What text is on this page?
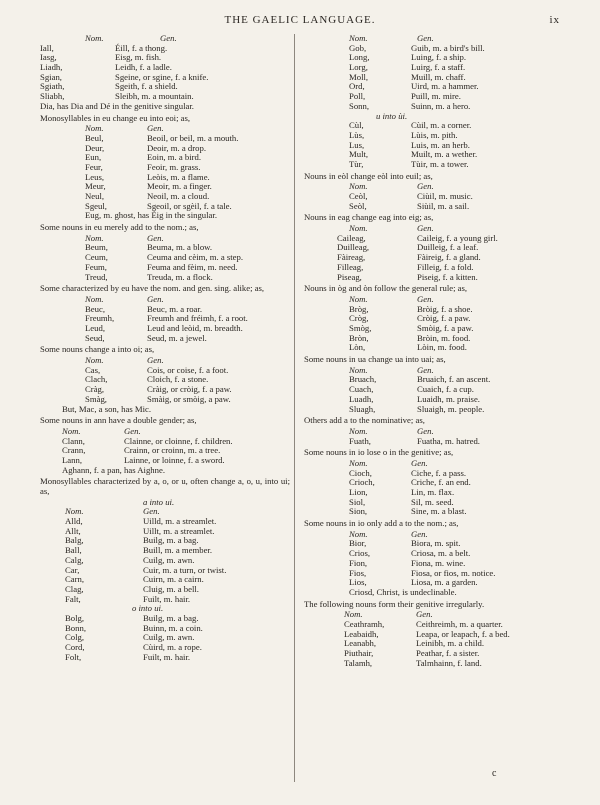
THE GAELIC LANGUAGE.	ix
Nom.	Gen.
Iall,	Éill, f. a thong.
Iasg,	Eisg, m. fish.
Liadh,	Leidh, f. a ladle.
Sgian,	Sgeine, or sgine, f. a knife.
Sgiath,	Sgeith, f. a shield.
Sliabh,	Sleibh, m. a mountain.
Dia, has Dia and Dé in the genitive singular.
Monosyllables in eu change eu into eoi; as,
Nom.	Gen.
Beul,	Beoil, or beil, m. a mouth.
Deur,	Deoir, m. a drop.
Eun,	Eoin, m. a bird.
Feur,	Feoir, m. grass.
Leus,	Leòis, m. a flame.
Meur,	Meoir, m. a finger.
Neul,	Neoil, m. a cloud.
Sgeul,	Sgeoil, or sgèil, f. a tale.
Eug, m. ghost, has Èig in the singular.
Some nouns in eu merely add to the nom.; as,
Nom.	Gen.
Beum,	Beuma, m. a blow.
Ceum,	Ceuma and cèim, m. a step.
Feum,	Feuma and fèim, m. need.
Treud,	Treuda, m. a flock.
Some characterized by eu have the nom. and gen. sing. alike; as,
Nom.	Gen.
Beuc,	Beuc, m. a roar.
Freumh,	Freumh and fréimh, f. a root.
Leud,	Leud and leòid, m. breadth.
Seud,	Seud, m. a jewel.
Some nouns change a into oi; as,
Nom.	Gen.
Cas,	Cois, or coise, f. a foot.
Clach,	Cloich, f. a stone.
Cràg,	Cràig, or cròig, f. a paw.
Smàg,	Smàig, or smòig, a paw.
But, Mac, a son, has Mic.
Some nouns in ann have a double gender; as,
Nom.	Gen.
Clann,	Clainne, or cloinne, f. children.
Crann,	Crainn, or croinn, m. a tree.
Lann,	Lainne, or loinne, f. a sword.
Aghann, f. a pan, has Aighne.
Monosyllables characterized by a, o, or u, often change a, o, u, into ui; as,
a into ui.
Nom.	Gen.
Alld,	Uilld, m. a streamlet.
Allt,	Uillt, m. a streamlet.
Balg,	Builg, m. a bag.
Ball,	Buill, m. a member.
Calg,	Cuilg, m. awn.
Car,	Cuir, m. a turn, or twist.
Carn,	Cuirn, m. a cairn.
Clag,	Cluig, m. a bell.
Falt,	Fuilt, m. hair.
o into ui.
Bolg,	Builg, m. a bag.
Bonn,	Buinn, m. a coin.
Colg,	Cuilg, m. awn.
Cord,	Cùird, m. a rope.
Folt,	Fuilt, m. hair.
Nom.	Gen.
Gob,	Guib, m. a bird's bill.
Long,	Luing, f. a ship.
Lorg,	Luirg, f. a staff.
Moll,	Muill, m. chaff.
Ord,	Uird, m. a hammer.
Poll,	Puill, m. mire.
Sonn,	Suinn, m. a hero.
u into ùi.
Cùl,	Cùil, m. a corner.
Lùs,	Lùis, m. pith.
Lus,	Luis, m. an herb.
Mult,	Muilt, m. a wether.
Tùr,	Tùir, m. a tower.
Nouns in eòl change eòl into euil; as,
Nom.	Gen.
Ceòl,	Ciùil, m. music.
Seòl,	Siùil, m. a sail.
Nouns in eag change eag into eig; as,
Nom.	Gen.
Caileag,	Caileig, f. a young girl.
Duilleag,	Duilleig, f. a leaf.
Fàireag,	Fàireig, f. a gland.
Filleag,	Filleig, f. a fold.
Piseag,	Piseig, f. a kitten.
Nouns in òg and òn follow the general rule; as,
Nom.	Gen.
Bròg,	Bròig, f. a shoe.
Cròg,	Cròig, f. a paw.
Smòg,	Smòig, f. a paw.
Bròn,	Bròin, m. food.
Lòn,	Lòin, m. food.
Some nouns in ua change ua into uai; as,
Nom.	Gen.
Bruach,	Bruaich, f. an ascent.
Cuach,	Cuaich, f. a cup.
Luadh,	Luaidh, m. praise.
Sluagh,	Sluaigh, m. people.
Others add a to the nominative; as,
Nom.	Gen.
Fuath,	Fuatha, m. hatred.
Some nouns in io lose o in the genitive; as,
Nom.	Gen.
Cioch,	Ciche, f. a pass.
Crioch,	Criche, f. an end.
Lion,	Lin, m. flax.
Siol,	Sil, m. seed.
Sion,	Sine, m. a blast.
Some nouns in io only add a to the nom.; as,
Nom.	Gen.
Bior,	Biora, m. spit.
Crios,	Criosa, m. a belt.
Fion,	Fiona, m. wine.
Fios,	Fiosa, or fios, m. notice.
Lios,	Liosa, m. a garden.
Criosd, Christ, is undeclinable.
The following nouns form their genitive irregularly.
Nom.	Gen.
Ceathramh,	Ceithreimh, m. a quarter.
Leabaidh,	Leapa, or leapach, f. a bed.
Leanabh,	Leinibh, m. a child.
Piuthair,	Peathar, f. a sister.
Talamh,	Talmhainn, f. land.
c
